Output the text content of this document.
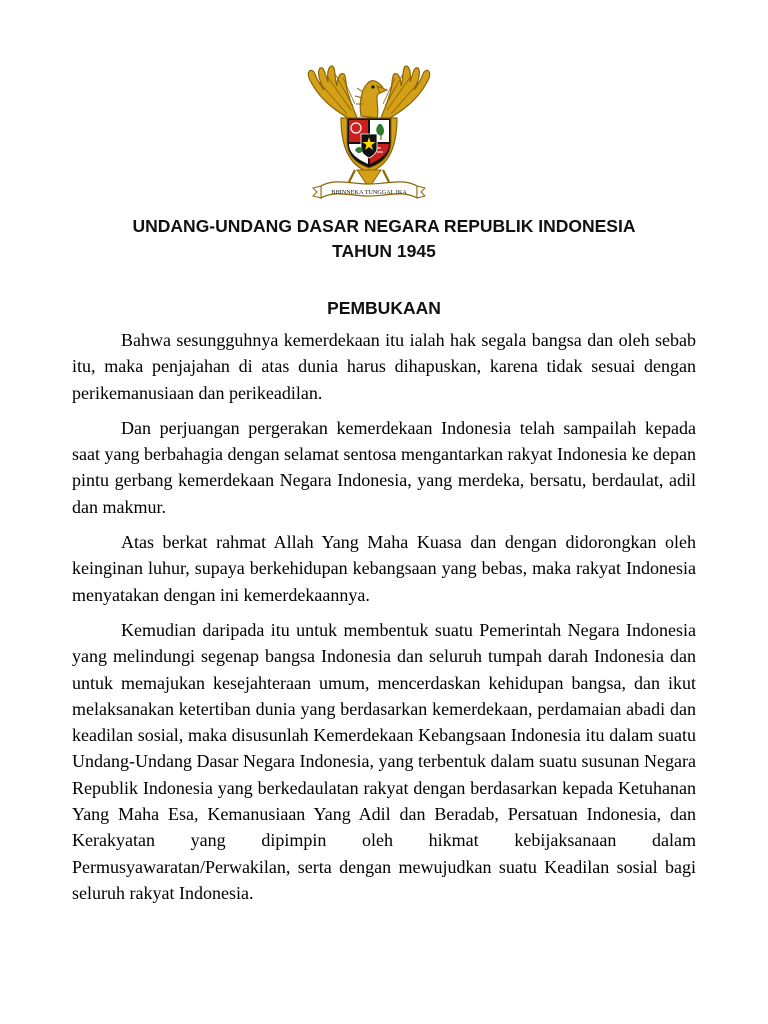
BHINNEKA TUNGGAL IKA
UNDANG-UNDANG DASAR NEGARA REPUBLIK INDONESIA
TAHUN 1945
PEMBUKAAN

Bahwa sesungguhnya kemerdekaan itu ialah hak segala bangsa dan oleh sebab itu, maka penjajahan di atas dunia harus dihapuskan, karena tidak sesuai dengan perikemanusiaan dan perikeadilan.

Dan perjuangan pergerakan kemerdekaan Indonesia telah sampailah kepada saat yang berbahagia dengan selamat sentosa mengantarkan rakyat Indonesia ke depan pintu gerbang kemerdekaan Negara Indonesia, yang merdeka, bersatu, berdaulat, adil dan makmur.

Atas berkat rahmat Allah Yang Maha Kuasa dan dengan didorongkan oleh keinginan luhur, supaya berkehidupan kebangsaan yang bebas, maka rakyat Indonesia menyatakan dengan ini kemerdekaannya.

Kemudian daripada itu untuk membentuk suatu Pemerintah Negara Indonesia yang melindungi segenap bangsa Indonesia dan seluruh tumpah darah Indonesia dan untuk memajukan kesejahteraan umum, mencerdaskan kehidupan bangsa, dan ikut melaksanakan ketertiban dunia yang berdasarkan kemerdekaan, perdamaian abadi dan keadilan sosial, maka disusunlah Kemerdekaan Kebangsaan Indonesia itu dalam suatu Undang-Undang Dasar Negara Indonesia, yang terbentuk dalam suatu susunan Negara Republik Indonesia yang berkedaulatan rakyat dengan berdasarkan kepada Ketuhanan Yang Maha Esa, Kemanusiaan Yang Adil dan Beradab, Persatuan Indonesia, dan Kerakyatan yang dipimpin oleh hikmat kebijaksanaan dalam Permusyawaratan/Perwakilan, serta dengan mewujudkan suatu Keadilan sosial bagi seluruh rakyat Indonesia.
